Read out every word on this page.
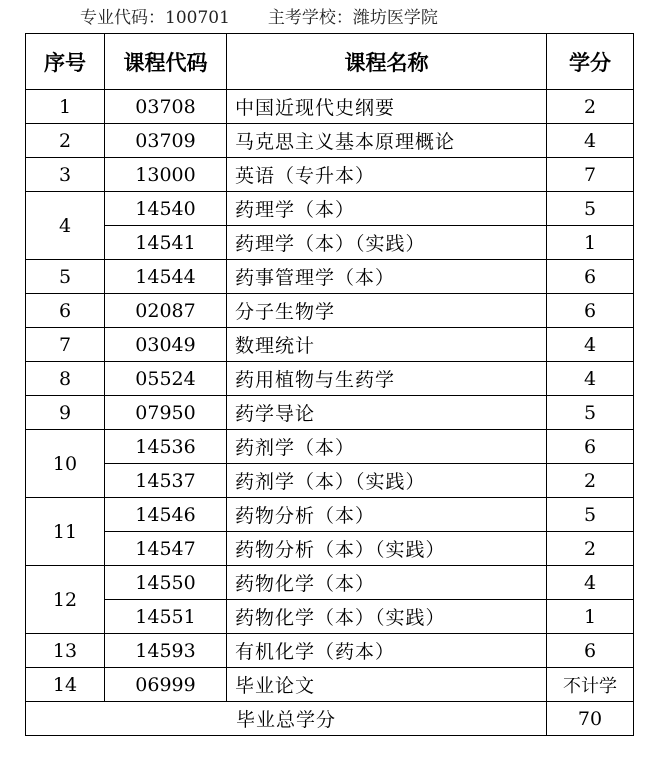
专业代码：100701 主考学校：潍坊医学院
序号	课程代码	课程名称	学分
1	03708	中国近现代史纲要	2
2	03709	马克思主义基本原理概论	4
3	13000	英语（专升本）	7
4	14540	药理学（本）	5
	14541	药理学（本）（实践）	1
5	14544	药事管理学（本）	6
6	02087	分子生物学	6
7	03049	数理统计	4
8	05524	药用植物与生药学	4
9	07950	药学导论	5
10	14536	药剂学（本）	6
	14537	药剂学（本）（实践）	2
11	14546	药物分析（本）	5
	14547	药物分析（本）（实践）	2
12	14550	药物化学（本）	4
	14551	药物化学（本）（实践）	1
13	14593	有机化学（药本）	6
14	06999	毕业论文	不计学
毕业总学分			70
